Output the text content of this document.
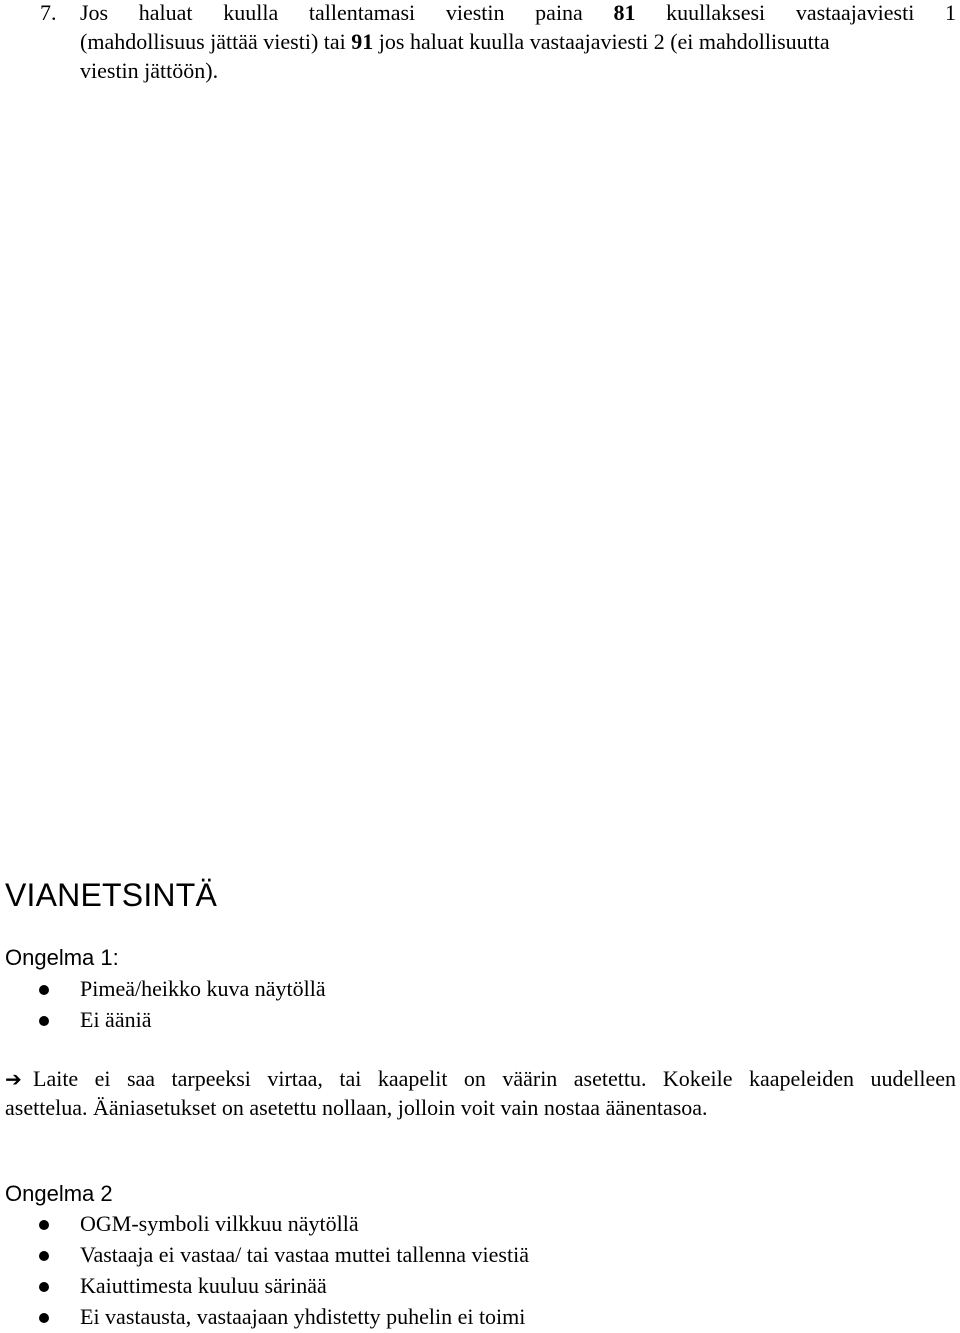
7. Jos haluat kuulla tallentamasi viestin paina 81 kuullaksesi vastaajaviesti 1
(mahdollisuus jättää viesti) tai 91 jos haluat kuulla vastaajaviesti 2 (ei mahdollisuutta
viestin jättöön).
VIANETSINTÄ
Ongelma 1:
Pimeä/heikko kuva näytöllä
Ei ääniä
➔ Laite ei saa tarpeeksi virtaa, tai kaapelit on väärin asetettu. Kokeile kaapeleiden uudelleen
asettelua. Ääniasetukset on asetettu nollaan, jolloin voit vain nostaa äänentasoa.
Ongelma 2
OGM-symboli vilkkuu näytöllä
Vastaaja ei vastaa/ tai vastaa muttei tallenna viestiä
Kaiuttimesta kuuluu särinää
Ei vastausta, vastaajaan yhdistetty puhelin ei toimi
